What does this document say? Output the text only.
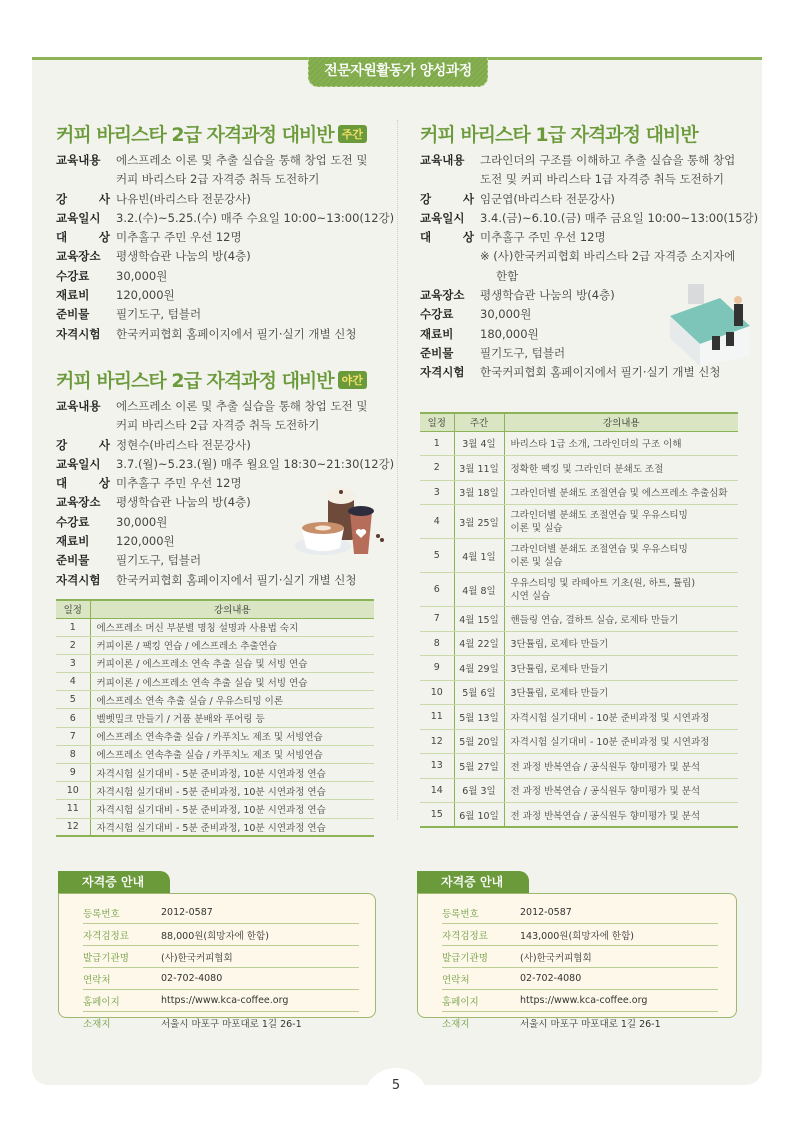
전문자원활동가 양성과정
커피 바리스타 2급 자격과정 대비반 주간
교육내용	에스프레소 이론 및 추출 실습을 통해 창업 도전 및
커피 바리스타 2급 자격증 취득 도전하기
강 사 나유빈(바리스타 전문강사)
교육일시	3.2.(수)~5.25.(수) 매주 수요일 10:00~13:00(12강)
대 상 미추홀구 주민 우선 12명
교육장소	평생학습관 나눔의 방(4층)
수강료	30,000원
재료비	120,000원
준비물	필기도구, 텀블러
자격시험	한국커피협회 홈페이지에서 필기·실기 개별 신청
커피 바리스타 2급 자격과정 대비반 야간
교육내용	에스프레소 이론 및 추출 실습을 통해 창업 도전 및
커피 바리스타 2급 자격증 취득 도전하기
강 사 정현수(바리스타 전문강사)
교육일시	3.7.(월)~5.23.(월) 매주 월요일 18:30~21:30(12강)
대 상 미추홀구 주민 우선 12명
교육장소	평생학습관 나눔의 방(4층)
수강료	30,000원
재료비	120,000원
준비물	필기도구, 텀블러
자격시험	한국커피협회 홈페이지에서 필기·실기 개별 신청
일정	강의내용
1	에스프레소 머신 부분별 명칭 설명과 사용법 숙지
2	커피이론 / 팩킹 연습 / 에스프레소 추출연습
3	커피이론 / 에스프레소 연속 추출 실습 및 서빙 연습
4	커피이론 / 에스프레소 연속 추출 실습 및 서빙 연습
5	에스프레소 연속 추출 실습 / 우유스티밍 이론
6	벨벳밀크 만들기 / 거품 분배와 푸어링 등
7	에스프레소 연속추출 실습 / 카푸치노 제조 및 서빙연습
8	에스프레소 연속추출 실습 / 카푸치노 제조 및 서빙연습
9	자격시험 실기대비 - 5분 준비과정, 10분 시연과정 연습
10	자격시험 실기대비 - 5분 준비과정, 10분 시연과정 연습
11	자격시험 실기대비 - 5분 준비과정, 10분 시연과정 연습
12	자격시험 실기대비 - 5분 준비과정, 10분 시연과정 연습
자격증 안내
등록번호	2012-0587
자격검정료	88,000원(희망자에 한함)
발급기관명	(사)한국커피협회
연락처	02-702-4080
홈페이지	https://www.kca-coffee.org
소재지	서울시 마포구 마포대로 1길 26-1
커피 바리스타 1급 자격과정 대비반
교육내용	그라인더의 구조를 이해하고 추출 실습을 통해 창업
도전 및 커피 바리스타 1급 자격증 취득 도전하기
강 사 임군엽(바리스타 전문강사)
교육일시	3.4.(금)~6.10.(금) 매주 금요일 10:00~13:00(15강)
대 상 미추홀구 주민 우선 12명
※ (사)한국커피협회 바리스타 2급 자격증 소지자에
한함
교육장소	평생학습관 나눔의 방(4층)
수강료	30,000원
재료비	180,000원
준비물	필기도구, 텀블러
자격시험	한국커피협회 홈페이지에서 필기·실기 개별 신청
일정	주간	강의내용
1	3월 4일	바리스타 1급 소개, 그라인더의 구조 이해

2	3월 11일	정확한 팩킹 및 그라인더 분쇄도 조절

3	3월 18일	그라인더별 분쇄도 조절연습 및 에스프레소 추출심화

4	3월 25일	그라인더별 분쇄도 조절연습 및 우유스티밍
이론 및 실습

5	4월 1일	그라인더별 분쇄도 조절연습 및 우유스티밍
이론 및 실습

6	4월 8일	우유스티밍 및 라떼아트 기초(원, 하트, 튤립)
시연 실습

7	4월 15일	핸들링 연습, 결하트 실습, 로제타 만들기

8	4월 22일	3단튤립, 로제타 만들기

9	4월 29일	3단튤립, 로제타 만들기

10	5월 6일	3단튤립, 로제타 만들기

11	5월 13일	자격시험 실기대비 - 10분 준비과정 및 시연과정

12	5월 20일	자격시험 실기대비 - 10분 준비과정 및 시연과정

13	5월 27일	전 과정 반복연습 / 공식원두 향미평가 및 분석

14	6월 3일	전 과정 반복연습 / 공식원두 향미평가 및 분석

15	6월 10일	전 과정 반복연습 / 공식원두 향미평가 및 분석
자격증 안내
등록번호	2012-0587
자격검정료	143,000원(희망자에 한함)
발급기관명	(사)한국커피협회
연락처	02-702-4080
홈페이지	https://www.kca-coffee.org
소재지	서울시 마포구 마포대로 1길 26-1
5
